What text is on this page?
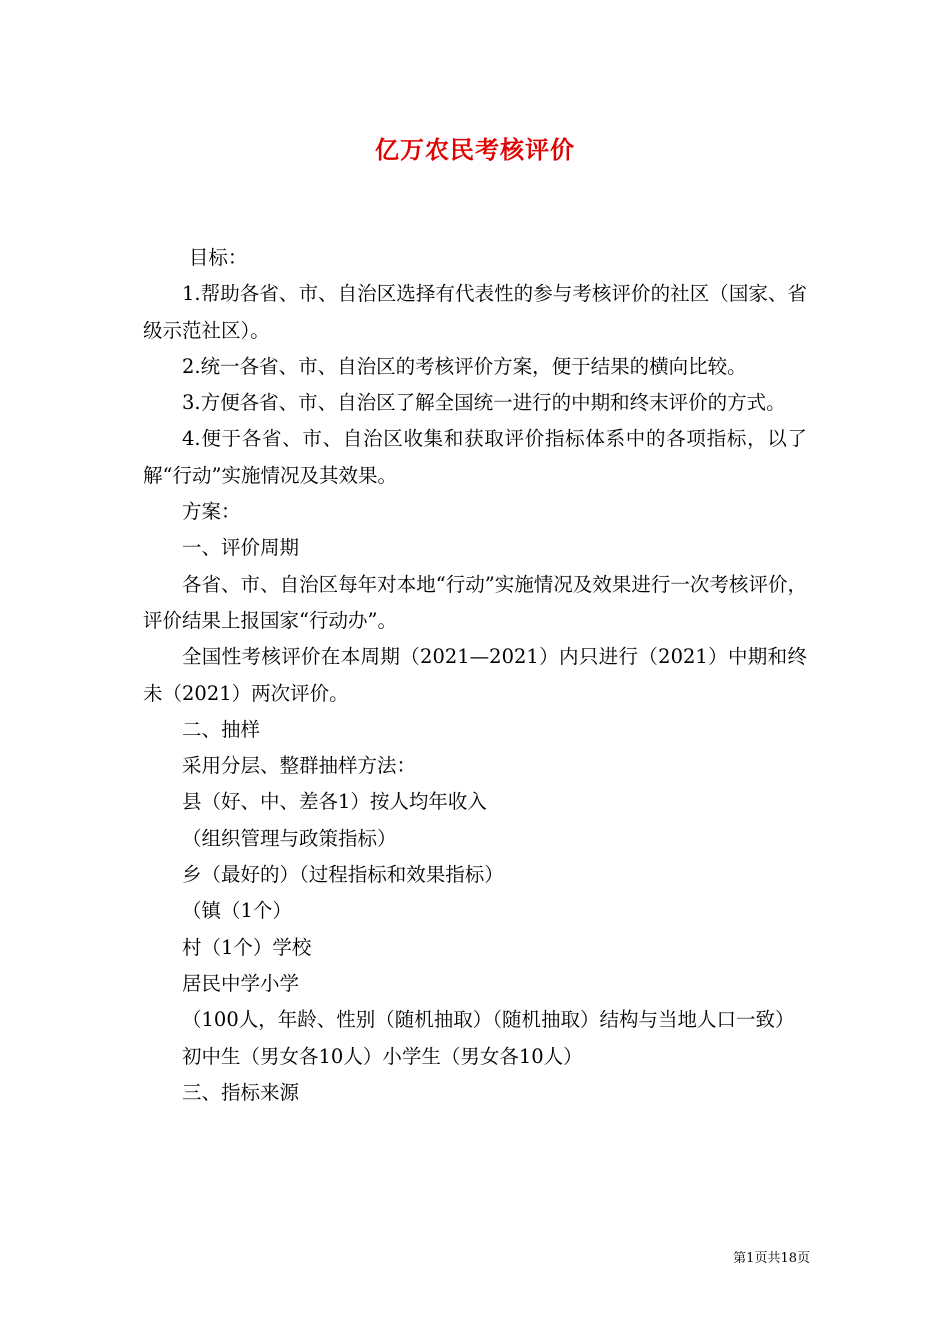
亿万农民考核评价

目标：

1.帮助各省、市、自治区选择有代表性的参与考核评价的社区（国家、省级示范社区）。

2.统一各省、市、自治区的考核评价方案，便于结果的横向比较。

3.方便各省、市、自治区了解全国统一进行的中期和终末评价的方式。

4.便于各省、市、自治区收集和获取评价指标体系中的各项指标，以了解“行动”实施情况及其效果。

方案：

一、评价周期

各省、市、自治区每年对本地“行动”实施情况及效果进行一次考核评价，评价结果上报国家“行动办”。

全国性考核评价在本周期（2021—2021）内只进行（2021）中期和终未（2021）两次评价。

二、抽样

采用分层、整群抽样方法：

县（好、中、差各1）按人均年收入

（组织管理与政策指标）

乡（最好的）（过程指标和效果指标）

（镇（1个）

村（1个）学校

居民中学小学

（100人，年龄、性别（随机抽取）（随机抽取）结构与当地人口一致）

初中生（男女各10人）小学生（男女各10人）

三、指标来源

第1页共18页
